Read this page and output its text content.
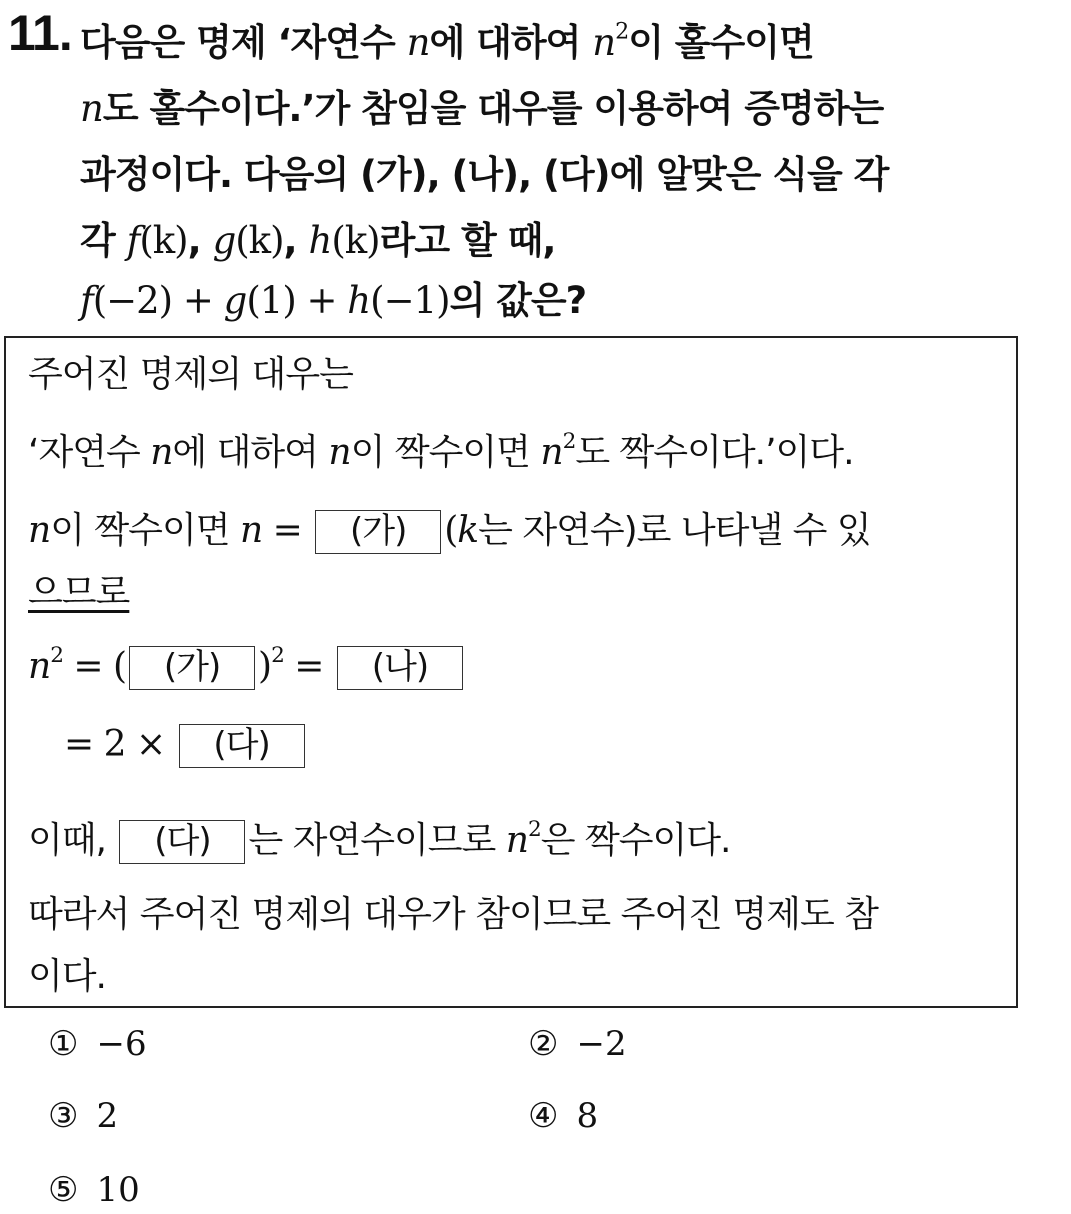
11. 다음은 명제 ‘자연수 n에 대하여 $n^2$이 홀수이면
n도 홀수이다.’가 참임을 대우를 이용하여 증명하는
과정이다. 다음의 (가), (나), (다)에 알맞은 식을 각
각 f(k), g(k), h(k)라고 할 때,
f(−2) + g(1) + h(−1)의 값은?
주어진 명제의 대우는
‘자연수 n에 대하여 n이 짝수이면 $n^2$도 짝수이다.’이다.
n이 짝수이면 n = (가) (k는 자연수)로 나타낼 수 있
으므로
$n^2$ = ( (가) )$^2$ = (나)
= 2 × (다)
이때, (다) 는 자연수이므로 $n^2$은 짝수이다.
따라서 주어진 명제의 대우가 참이므로 주어진 명제도 참
이다.
① −6	② −2
③ 2	④ 8
⑤ 10
